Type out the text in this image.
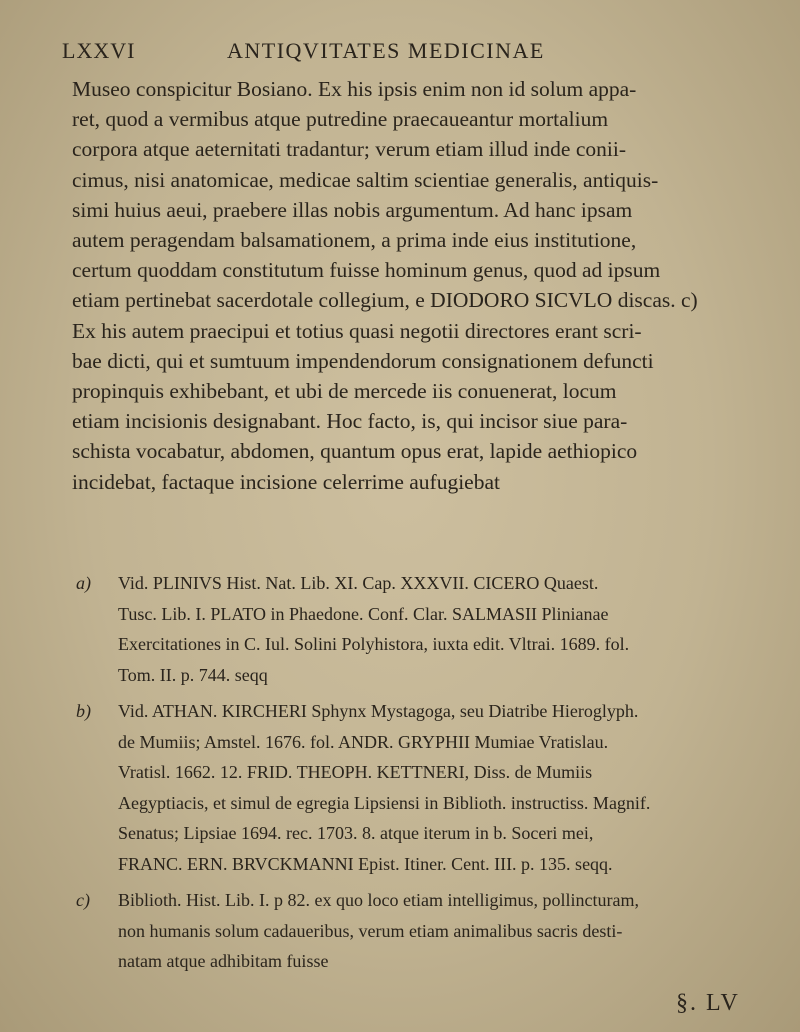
LXXVI	ANTIQVITATES MEDICINAE
Museo conspicitur Bosiano. Ex his ipsis enim non id solum appa-
ret, quod a vermibus atque putredine praecaueantur mortalium
corpora atque aeternitati tradantur; verum etiam illud inde conii-
cimus, nisi anatomicae, medicae saltim scientiae generalis, antiquis-
simi huius aeui, praebere illas nobis argumentum. Ad hanc ipsam
autem peragendam balsamationem, a prima inde eius institutione,
certum quoddam constitutum fuisse hominum genus, quod ad ipsum
etiam pertinebat sacerdotale collegium, e DIODORO SICVLO discas. c)
Ex his autem praecipui et totius quasi negotii directores erant scri-
bae dicti, qui et sumtuum impendendorum consignationem defuncti
propinquis exhibebant, et ubi de mercede iis conuenerat, locum
etiam incisionis designabant. Hoc facto, is, qui incisor siue para-
schista vocabatur, abdomen, quantum opus erat, lapide aethiopico
incidebat, factaque incisione celerrime aufugiebat
a)	Vid. PLINIVS Hist. Nat. Lib. XI. Cap. XXXVII. CICERO Quaest.
Tusc. Lib. I. PLATO in Phaedone. Conf. Clar. SALMASII Plinianae
Exercitationes in C. Iul. Solini Polyhistora, iuxta edit. Vltrai. 1689. fol.
Tom. II. p. 744. seqq
b)	Vid. ATHAN. KIRCHERI Sphynx Mystagoga, seu Diatribe Hieroglyph.
de Mumiis; Amstel. 1676. fol. ANDR. GRYPHII Mumiae Vratislau.
Vratisl. 1662. 12. FRID. THEOPH. KETTNERI, Diss. de Mumiis
Aegyptiacis, et simul de egregia Lipsiensi in Biblioth. instructiss. Magnif.
Senatus; Lipsiae 1694. rec. 1703. 8. atque iterum in b. Soceri mei,
FRANC. ERN. BRVCKMANNI Epist. Itiner. Cent. III. p. 135. seqq.
c)	Biblioth. Hist. Lib. I. p 82. ex quo loco etiam intelligimus, pollincturam,
non humanis solum cadaueribus, verum etiam animalibus sacris desti-
natam atque adhibitam fuisse
§. LV
